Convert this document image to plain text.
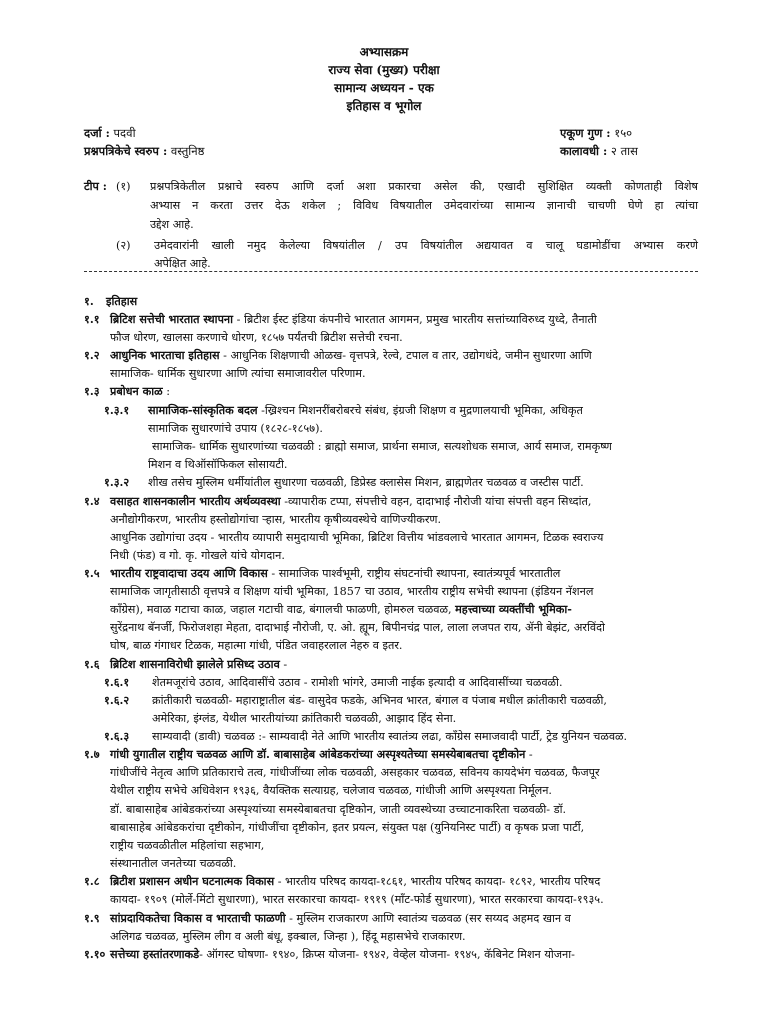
अभ्यासक्रम
राज्य सेवा (मुख्य) परीक्षा
सामान्य अध्ययन - एक
इतिहास व भूगोल
दर्जा : पदवी	एकूण गुण : १५०
प्रश्नपत्रिकेचे स्वरुप : वस्तुनिष्ठ	कालावधी : २ तास
टीप : (१) प्रश्नपत्रिकेतील प्रश्नाचे स्वरुप आणि दर्जा अशा प्रकारचा असेल की, एखादी सुशिक्षित व्यक्ती कोणताही विशेष
अभ्यास न करता उत्तर देऊ शकेल ; विविध विषयातील उमेदवारांच्या सामान्य ज्ञानाची चाचणी घेणे हा त्यांचा
उद्देश आहे.
(२) उमेदवारांनी खाली नमुद केलेल्या विषयांतील / उप विषयांतील अद्ययावत व चालू घडामोडींचा अभ्यास करणे
अपेक्षित आहे.
१. इतिहास
१.१ ब्रिटिश सत्तेची भारतात स्थापना - ब्रिटीश ईस्ट इंडिया कंपनीचे भारतात आगमन, प्रमुख भारतीय सत्तांच्याविरुध्द युध्दे, तैनाती
फौज धोरण, खालसा करणाचे धोरण, १८५७ पर्यंतची ब्रिटीश सत्तेची रचना.
१.२ आधुनिक भारताचा इतिहास - आधुनिक शिक्षणाची ओळख- वृत्तपत्रे, रेल्वे, टपाल व तार, उद्योगधंदे, जमीन सुधारणा आणि
सामाजिक- धार्मिक सुधारणा आणि त्यांचा समाजावरील परिणाम.
१.३ प्रबोधन काळ :
१.३.१ सामाजिक-सांस्कृतिक बदल -ख्रिश्चन मिशनरींबरोबरचे संबंध, इंग्रजी शिक्षण व मुद्रणालयाची भूमिका, अधिकृत
सामाजिक सुधारणांचे उपाय (१८२८-१८५७).
सामाजिक- धार्मिक सुधारणांच्या चळवळी : ब्राह्मो समाज, प्रार्थना समाज, सत्यशोधक समाज, आर्य समाज, रामकृष्ण
मिशन व थिऑसॉफिकल सोसायटी.
१.३.२ शीख तसेच मुस्लिम धर्मीयांतील सुधारणा चळवळी, डिप्रेस्ड क्लासेस मिशन, ब्राह्मणेतर चळवळ व जस्टीस पार्टी.
१.४ वसाहत शासनकालीन भारतीय अर्थव्यवस्था -व्यापारीक टप्पा, संपत्तीचे वहन, दादाभाई नौरोजी यांचा संपत्ती वहन सिध्दांत,
अनौद्योगीकरण, भारतीय हस्तोद्योगांचा ऱ्हास, भारतीय कृषीव्यवस्थेचे वाणिज्यीकरण.
आधुनिक उद्योगांचा उदय - भारतीय व्यापारी समुदायाची भूमिका, ब्रिटिश वित्तीय भांडवलाचे भारतात आगमन, टिळक स्वराज्य
निधी (फंड) व गो. कृ. गोखले यांचे योगदान.
१.५ भारतीय राष्ट्रवादाचा उदय आणि विकास - सामाजिक पार्श्वभूमी, राष्ट्रीय संघटनांची स्थापना, स्वातंत्र्यपूर्व भारतातील
सामाजिक जागृतीसाठी वृत्तपत्रे व शिक्षण यांची भूमिका, 1857 चा उठाव, भारतीय राष्ट्रीय सभेची स्थापना (इंडियन नॅशनल
काँग्रेस), मवाळ गटाचा काळ, जहाल गटाची वाढ, बंगालची फाळणी, होमरुल चळवळ, महत्त्वाच्या व्यक्तींची भूमिका-
सुरेंद्रनाथ बॅनर्जी, फिरोजशहा मेहता, दादाभाई नौरोजी, ए. ओ. ह्यूम, बिपीनचंद्र पाल, लाला लजपत राय, ॲनी बेझंट, अरविंदो
घोष, बाळ गंगाधर टिळक, महात्मा गांधी, पंडित जवाहरलाल नेहरु व इतर.
१.६ ब्रिटिश शासनाविरोधी झालेले प्रसिध्द उठाव -
१.६.१ शेतमजूरांचे उठाव, आदिवासींचे उठाव - रामोशी भांगरे, उमाजी नाईक इत्यादी व आदिवासींच्या चळवळी.
१.६.२ क्रांतीकारी चळवळी- महाराष्ट्रातील बंड- वासुदेव फडके, अभिनव भारत, बंगाल व पंजाब मधील क्रांतीकारी चळवळी,
अमेरिका, इंग्लंड, येथील भारतीयांच्या क्रांतिकारी चळवळी, आझाद हिंद सेना.
१.६.३ साम्यवादी (डावी) चळवळ :- साम्यवादी नेते आणि भारतीय स्वातंत्र्य लढा, काँग्रेस समाजवादी पार्टी, ट्रेड युनियन चळवळ.
१.७ गांधी युगातील राष्ट्रीय चळवळ आणि डॉ. बाबासाहेब आंबेडकरांच्या अस्पृश्यतेच्या समस्येबाबतचा दृष्टीकोन -
गांधीजींचे नेतृत्व आणि प्रतिकाराचे तत्व, गांधीजींच्या लोक चळवळी, असहकार चळवळ, सविनय कायदेभंग चळवळ, फैजपूर
येथील राष्ट्रीय सभेचे अधिवेशन १९३६, वैयक्तिक सत्याग्रह, चलेजाव चळवळ, गांधीजी आणि अस्पृश्यता निर्मूलन.
डॉ. बाबासाहेब आंबेडकरांच्या अस्पृश्यांच्या समस्येबाबतचा दृष्टिकोन, जाती व्यवस्थेच्या उच्चाटनाकरिता चळवळी- डॉ.
बाबासाहेब आंबेडकरांचा दृष्टीकोन, गांधीजींचा दृष्टीकोन, इतर प्रयत्न, संयुक्त पक्ष (युनियनिस्ट पार्टी) व कृषक प्रजा पार्टी,
राष्ट्रीय चळवळीतील महिलांचा सहभाग,
संस्थानातील जनतेच्या चळवळी.
१.८ ब्रिटीश प्रशासन अधीन घटनात्मक विकास - भारतीय परिषद कायदा-१८६१, भारतीय परिषद कायदा- १८९२, भारतीय परिषद
कायदा- १९०९ (मोर्ले-मिंटो सुधारणा), भारत सरकारचा कायदा- १९१९ (मॉंट-फोर्ड सुधारणा), भारत सरकारचा कायदा-१९३५.
१.९ सांप्रदायिकतेचा विकास व भारताची फाळणी - मुस्लिम राजकारण आणि स्वातंत्र्य चळवळ (सर सय्यद अहमद खान व
अलिगढ चळवळ, मुस्लिम लीग व अली बंधू, इक्बाल, जिन्हा ), हिंदू महासभेचे राजकारण.
१.१० सत्तेच्या हस्तांतरणाकडे- ऑगस्ट घोषणा- १९४०, क्रिप्स योजना- १९४२, वेव्हेल योजना- १९४५, कॅबिनेट मिशन योजना-
